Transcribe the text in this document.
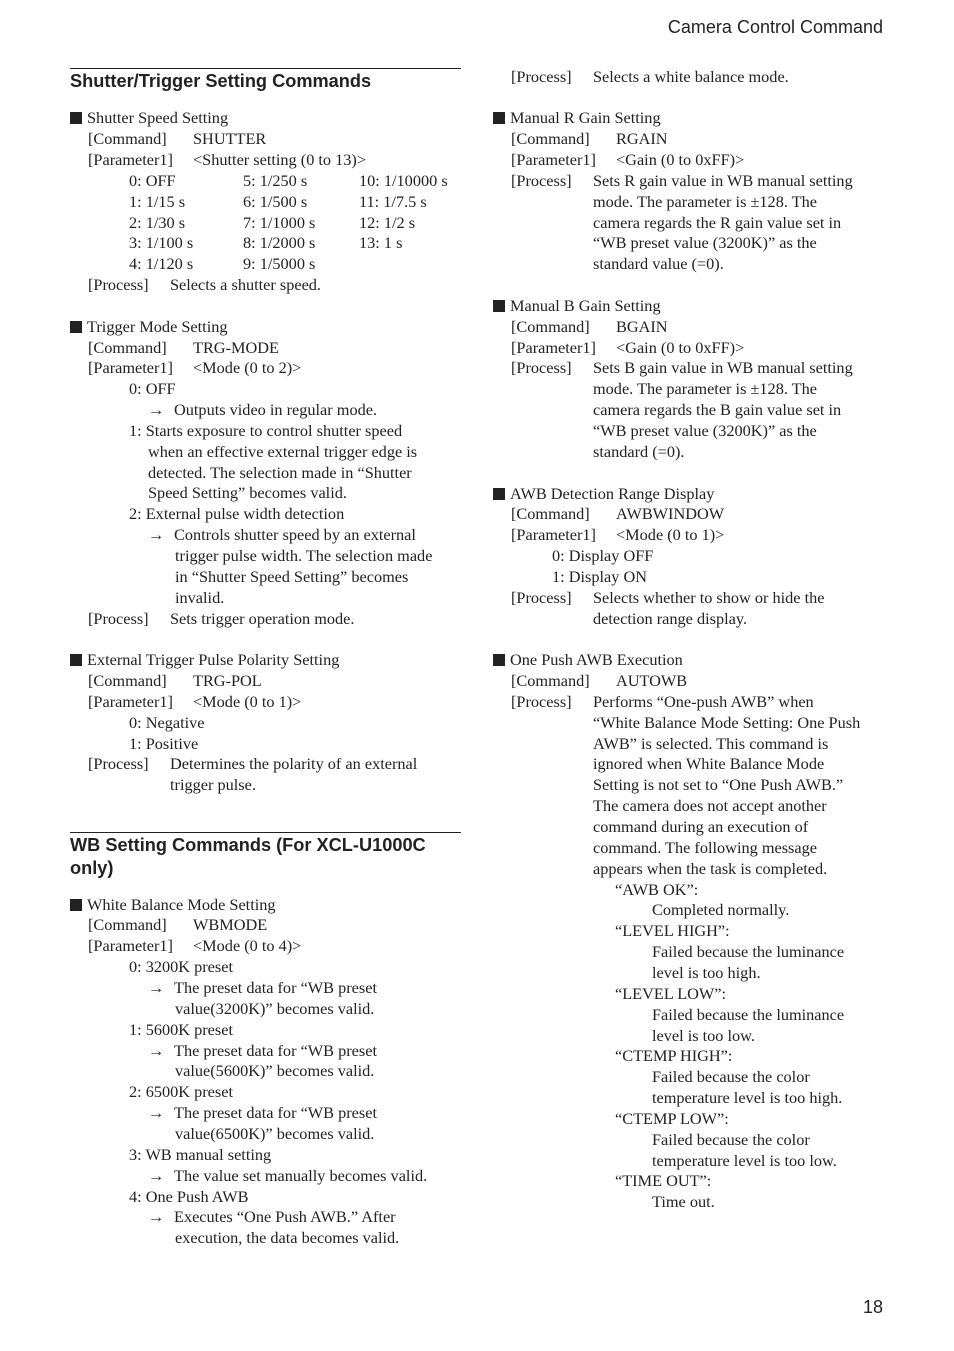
Camera Control Command
Shutter/Trigger Setting Commands
Shutter Speed Setting
[Command] SHUTTER
[Parameter1] <Shutter setting (0 to 13)>
0: OFF	5: 1/250 s	10: 1/10000 s
1: 1/15 s	6: 1/500 s	11: 1/7.5 s
2: 1/30 s	7: 1/1000 s	12: 1/2 s
3: 1/100 s	8: 1/2000 s	13: 1 s
4: 1/120 s	9: 1/5000 s
[Process] Selects a shutter speed.
Trigger Mode Setting
[Command] TRG-MODE
[Parameter1] <Mode (0 to 2)>
0: OFF
→ Outputs video in regular mode.
1: Starts exposure to control shutter speed
when an effective external trigger edge is
detected. The selection made in “Shutter
Speed Setting” becomes valid.
2: External pulse width detection
→ Controls shutter speed by an external
trigger pulse width. The selection made
in “Shutter Speed Setting” becomes
invalid.
[Process] Sets trigger operation mode.
External Trigger Pulse Polarity Setting
[Command] TRG-POL
[Parameter1] <Mode (0 to 1)>
0: Negative
1: Positive
[Process] Determines the polarity of an external
trigger pulse.
WB Setting Commands (For XCL-U1000C
only)
White Balance Mode Setting
[Command] WBMODE
[Parameter1] <Mode (0 to 4)>
0: 3200K preset
→ The preset data for “WB preset
value(3200K)” becomes valid.
1: 5600K preset
→ The preset data for “WB preset
value(5600K)” becomes valid.
2: 6500K preset
→ The preset data for “WB preset
value(6500K)” becomes valid.
3: WB manual setting
→ The value set manually becomes valid.
4: One Push AWB
→ Executes “One Push AWB.” After
execution, the data becomes valid.
[Process] Selects a white balance mode.
Manual R Gain Setting
[Command] RGAIN
[Parameter1] <Gain (0 to 0xFF)>
[Process] Sets R gain value in WB manual setting
mode. The parameter is ±128. The
camera regards the R gain value set in
“WB preset value (3200K)” as the
standard value (=0).
Manual B Gain Setting
[Command] BGAIN
[Parameter1] <Gain (0 to 0xFF)>
[Process] Sets B gain value in WB manual setting
mode. The parameter is ±128. The
camera regards the B gain value set in
“WB preset value (3200K)” as the
standard (=0).
AWB Detection Range Display
[Command] AWBWINDOW
[Parameter1] <Mode (0 to 1)>
0: Display OFF
1: Display ON
[Process] Selects whether to show or hide the
detection range display.
One Push AWB Execution
[Command] AUTOWB
[Process] Performs “One-push AWB” when
“White Balance Mode Setting: One Push
AWB” is selected. This command is
ignored when White Balance Mode
Setting is not set to “One Push AWB.”
The camera does not accept another
command during an execution of
command. The following message
appears when the task is completed.
“AWB OK”:
Completed normally.
“LEVEL HIGH”:
Failed because the luminance
level is too high.
“LEVEL LOW”:
Failed because the luminance
level is too low.
“CTEMP HIGH”:
Failed because the color
temperature level is too high.
“CTEMP LOW”:
Failed because the color
temperature level is too low.
“TIME OUT”:
Time out.
18
